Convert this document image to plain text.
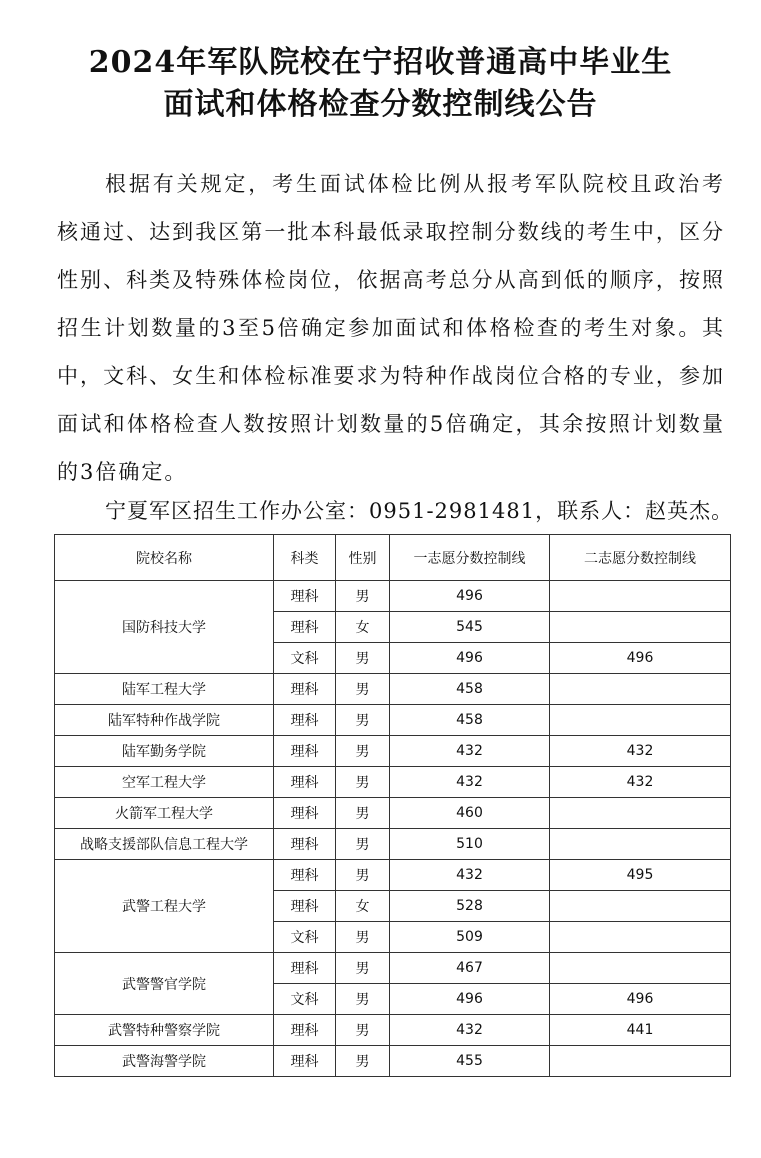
2024年军队院校在宁招收普通高中毕业生
面试和体格检查分数控制线公告

根据有关规定，考生面试体检比例从报考军队院校且政治考核通过、达到我区第一批本科最低录取控制分数线的考生中，区分性别、科类及特殊体检岗位，依据高考总分从高到低的顺序，按照招生计划数量的3至5倍确定参加面试和体格检查的考生对象。其中，文科、女生和体检标准要求为特种作战岗位合格的专业，参加面试和体格检查人数按照计划数量的5倍确定，其余按照计划数量的3倍确定。

宁夏军区招生工作办公室：0951-2981481，联系人：赵英杰。
院校名称	科类	性别	一志愿分数控制线	二志愿分数控制线
国防科技大学	理科	男	496	
	理科	女	545	
	文科	男	496	496
陆军工程大学	理科	男	458	
陆军特种作战学院	理科	男	458	
陆军勤务学院	理科	男	432	432
空军工程大学	理科	男	432	432
火箭军工程大学	理科	男	460	
战略支援部队信息工程大学	理科	男	510	
武警工程大学	理科	男	432	495
	理科	女	528	
	文科	男	509	
武警警官学院	理科	男	467	
	文科	男	496	496
武警特种警察学院	理科	男	432	441
武警海警学院	理科	男	455	
